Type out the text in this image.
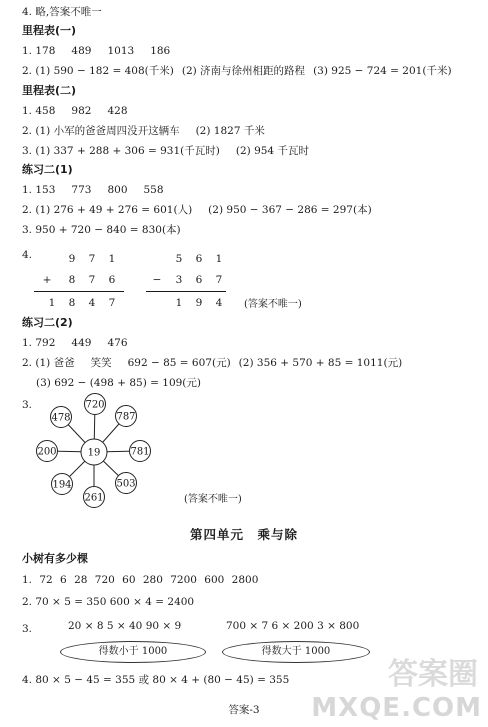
4. 略,答案不唯一
里程表(一)
1. 178 489 1013 186
2. (1) 590 − 182 = 408(千米) (2) 济南与徐州相距的路程 (3) 925 − 724 = 201(千米)
里程表(二)
1. 458 982 428
2. (1) 小军的爸爸周四没开这辆车 (2) 1827 千米
3. (1) 337 + 288 + 306 = 931(千瓦时) (2) 954 千瓦时
练习二(1)
1. 153 773 800 558
2. (1) 276 + 49 + 276 = 601(人) (2) 950 − 367 − 286 = 297(本)
3. 950 + 720 − 840 = 830(本)
4.	9	7	1
+	8	7	6
1	8	4	7
5	6	1
−	3	6	7
1	9	4	(答案不唯一)
练习二(2)
1. 792 449 476
2. (1) 爸爸 笑笑 692 − 85 = 607(元) (2) 356 + 570 + 85 = 1011(元)
(3) 692 − (498 + 85) = 109(元)
3.	720
787
781
503
261
194
200
478
19
(答案不唯一)
第四单元　乘与除
小树有多少棵
1. 72 6 28 720 60 280 7200 600 2800
2. 70 × 5 = 350 600 × 4 = 2400
3.	20 × 8 5 × 40 90 × 9	700 × 7 6 × 200 3 × 800
得数小于 1000	得数大于 1000
4. 80 × 5 − 45 = 355 或 80 × 4 + (80 − 45) = 355
答案-3
答案圈
MXQE.COM
